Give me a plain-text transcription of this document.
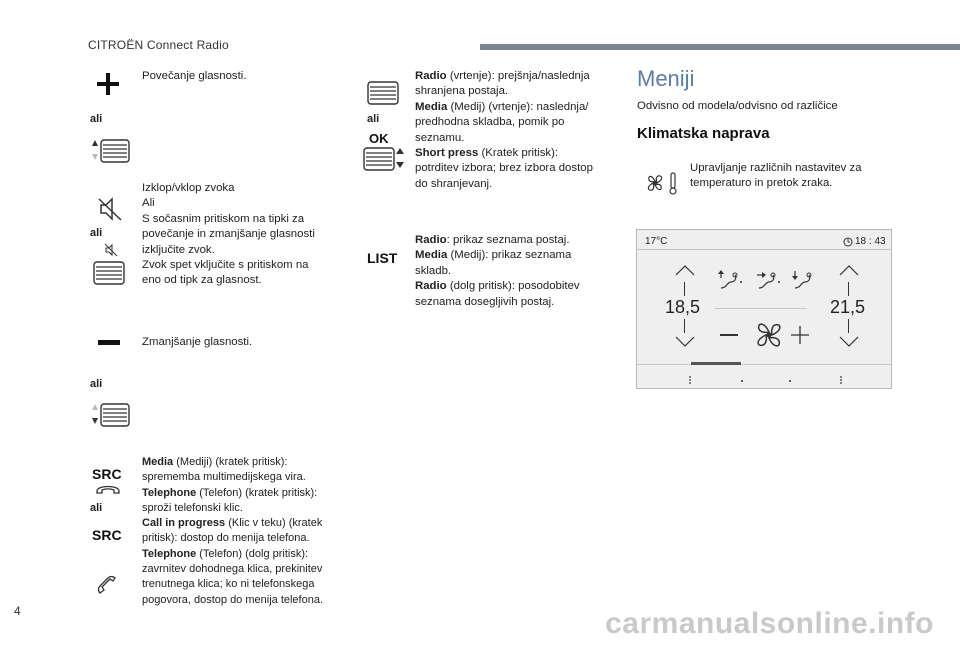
CITROËN Connect Radio
Povečanje glasnosti.
ali
Izklop/vklop zvoka
Ali
S sočasnim pritiskom na tipki za
povečanje in zmanjšanje glasnosti
izključite zvok.
Zvok spet vključite s pritiskom na
eno od tipk za glasnost.
ali
Zmanjšanje glasnosti.
ali
SRC
ali
SRC
Media (Mediji) (kratek pritisk):
sprememba multimedijskega vira.
Telephone (Telefon) (kratek pritisk):
sproži telefonski klic.
Call in progress (Klic v teku) (kratek
pritisk): dostop do menija telefona.
Telephone (Telefon) (dolg pritisk):
zavrnitev dohodnega klica, prekinitev
trenutnega klica; ko ni telefonskega
pogovora, dostop do menija telefona.
ali
OK
Radio (vrtenje): prejšnja/naslednja
shranjena postaja.
Media (Medij) (vrtenje): naslednja/
predhodna skladba, pomik po
seznamu.
Short press (Kratek pritisk):
potrditev izbora; brez izbora dostop
do shranjevanj.
LIST
Radio: prikaz seznama postaj.
Media (Medij): prikaz seznama
skladb.
Radio (dolg pritisk): posodobitev
seznama dosegljivih postaj.
Meniji
Odvisno od modela/odvisno od različice
Klimatska naprava
Upravljanje različnih nastavitev za
temperaturo in pretok zraka.
17°C	18 : 43
18,5	21,5
4	carmanualsonline.info
